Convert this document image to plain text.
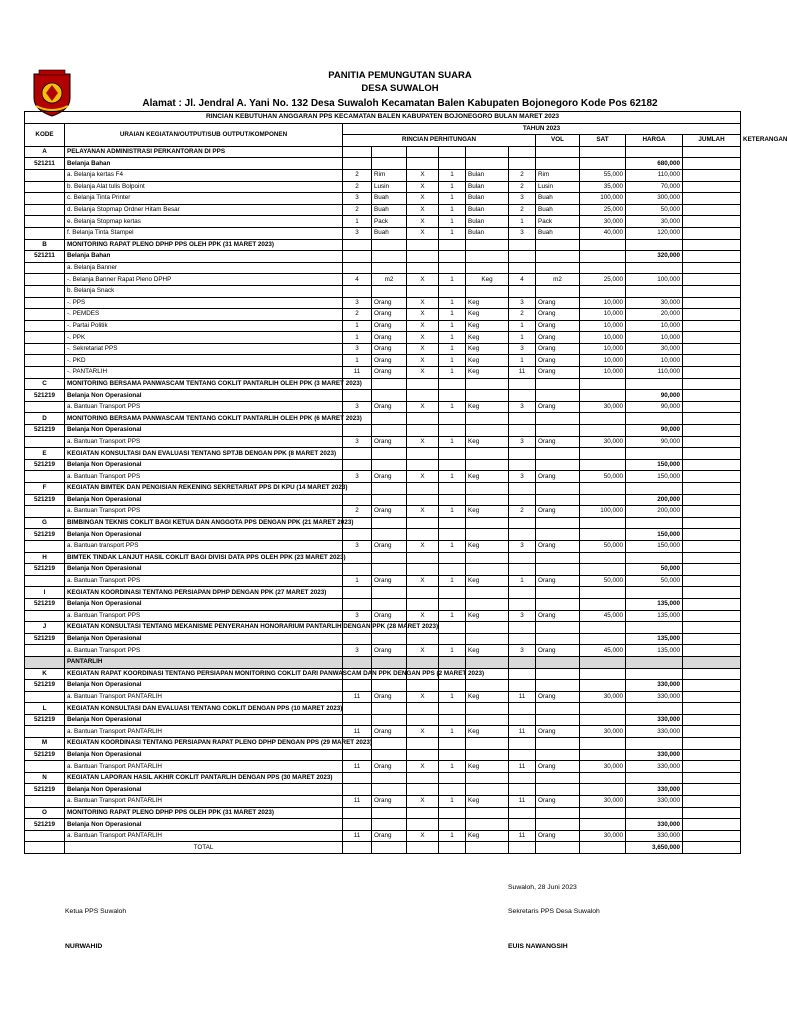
PANITIA PEMUNGUTAN SUARA
DESA SUWALOH
Alamat : Jl. Jendral A. Yani No. 132 Desa Suwaloh Kecamatan Balen Kabupaten Bojonegoro Kode Pos 62182
RINCIAN KEBUTUHAN ANGGARAN PPS KECAMATAN BALEN KABUPATEN BOJONEGORO BULAN MARET 2023												
KODE	URAIAN KEGIATAN/OUTPUT/SUB OUTPUT/KOMPONEN	TAHUN 2023										
		RINCIAN PERHITUNGAN						VOL	SAT	HARGA	JUMLAH	KETERANGAN
A	PELAYANAN ADMINISTRASI PERKANTORAN DI PPS											
521211	Belanja Bahan									680,000		
	a. Belanja kertas F4	2	Rim	X	1	Bulan	2	Rim	55,000	110,000		
	b. Belanja Alat tulis Bolpoint	2	Lusin	X	1	Bulan	2	Lusin	35,000	70,000		
	c. Belanja Tinta Printer	3	Buah	X	1	Bulan	3	Buah	100,000	300,000		
	d. Belanja Stopmap Ordner Hitam Besar	2	Buah	X	1	Bulan	2	Buah	25,000	50,000		
	e. Belanja Stopmap kertas	1	Pack	X	1	Bulan	1	Pack	30,000	30,000		
	f. Belanja Tinta Stampel	3	Buah	X	1	Bulan	3	Buah	40,000	120,000		
B	MONITORING RAPAT PLENO DPHP PPS OLEH PPK (31 MARET 2023)											
521211	Belanja Bahan									320,000		
	a. Belanja Banner											
	-. Belanja Banner Rapat Pleno DPHP	4	m2	X	1	Keg	4	m2	25,000	100,000		
	b. Belanja Snack											
	-. PPS	3	Orang	X	1	Keg	3	Orang	10,000	30,000		
	-. PEMDES	2	Orang	X	1	Keg	2	Orang	10,000	20,000		
	-. Partai Politik	1	Orang	X	1	Keg	1	Orang	10,000	10,000		
	-. PPK	1	Orang	X	1	Keg	1	Orang	10,000	10,000		
	-. Sekretariat PPS	3	Orang	X	1	Keg	3	Orang	10,000	30,000		
	-. PKD	1	Orang	X	1	Keg	1	Orang	10,000	10,000		
	-. PANTARLIH	11	Orang	X	1	Keg	11	Orang	10,000	110,000		
C	MONITORING BERSAMA PANWASCAM TENTANG COKLIT PANTARLIH OLEH PPK (3 MARET 2023)											
521219	Belanja Non Operasional									90,000		
	a. Bantuan Transport PPS	3	Orang	X	1	Keg	3	Orang	30,000	90,000		
D	MONITORING BERSAMA PANWASCAM TENTANG COKLIT PANTARLIH OLEH PPK (6 MARET 2023)											
521219	Belanja Non Operasional									90,000		
	a. Bantuan Transport PPS	3	Orang	X	1	Keg	3	Orang	30,000	90,000		
E	KEGIATAN KONSULTASI DAN EVALUASI TENTANG SPTJB DENGAN PPK (8 MARET 2023)											
521219	Belanja Non Operasional									150,000		
	a. Bantuan Transport PPS	3	Orang	X	1	Keg	3	Orang	50,000	150,000		
F	KEGIATAN BIMTEK DAN PENGISIAN REKENING SEKRETARIAT PPS DI KPU (14 MARET 2023)											
521219	Belanja Non Operasional									200,000		
	a. Bantuan Transport PPS	2	Orang	X	1	Keg	2	Orang	100,000	200,000		
G	BIMBINGAN TEKNIS COKLIT BAGI KETUA DAN ANGGOTA PPS DENGAN PPK (21 MARET 2023)											
521219	Belanja Non Operasional									150,000		
	a. Bantuan transport PPS	3	Orang	X	1	Keg	3	Orang	50,000	150,000		
H	BIMTEK TINDAK LANJUT HASIL COKLIT BAGI DIVISI DATA PPS OLEH PPK (23 MARET 2023)											
521219	Belanja Non Operasional									50,000		
	a. Bantuan Transport PPS	1	Orang	X	1	Keg	1	Orang	50,000	50,000		
I	KEGIATAN KOORDINASI TENTANG PERSIAPAN DPHP DENGAN PPK (27 MARET 2023)											
521219	Belanja Non Operasional									135,000		
	a. Bantuan Transport PPS	3	Orang	X	1	Keg	3	Orang	45,000	135,000		
J	KEGIATAN KONSULTASI TENTANG MEKANISME PENYERAHAN HONORARIUM PANTARLIH DENGAN PPK (28 MARET 2023)											
521219	Belanja Non Operasional									135,000		
	a. Bantuan Transport PPS	3	Orang	X	1	Keg	3	Orang	45,000	135,000		
	PANTARLIH											
K	KEGIATAN RAPAT KOORDINASI TENTANG PERSIAPAN MONITORING COKLIT DARI PANWASCAM DAN PPK DENGAN PPS (2 MARET 2023)											
521219	Belanja Non Operasional									330,000		
	a. Bantuan Transport PANTARLIH	11	Orang	X	1	Keg	11	Orang	30,000	330,000		
L	KEGIATAN KONSULTASI DAN EVALUASI TENTANG COKLIT DENGAN PPS (10 MARET 2023)											
521219	Belanja Non Operasional									330,000		
	a. Bantuan Transport PANTARLIH	11	Orang	X	1	Keg	11	Orang	30,000	330,000		
M	KEGIATAN KOORDINASI TENTANG PERSIAPAN RAPAT PLENO DPHP DENGAN PPS (29 MARET 2023)											
521219	Belanja Non Operasional									330,000		
	a. Bantuan Transport PANTARLIH	11	Orang	X	1	Keg	11	Orang	30,000	330,000		
N	KEGIATAN LAPORAN HASIL AKHIR COKLIT PANTARLIH DENGAN PPS (30 MARET 2023)											
521219	Belanja Non Operasional									330,000		
	a. Bantuan Transport PANTARLIH	11	Orang	X	1	Keg	11	Orang	30,000	330,000		
O	MONITORING RAPAT PLENO DPHP PPS OLEH PPK (31 MARET 2023)											
521219	Belanja Non Operasional									330,000		
	a. Bantuan Transport PANTARLIH	11	Orang	X	1	Keg	11	Orang	30,000	330,000		
	TOTAL									3,650,000		
Suwaloh, 28 Juni 2023
Ketua PPS Suwaloh	Sekretaris PPS Desa Suwaloh
NURWAHID	EUIS NAWANGSIH
